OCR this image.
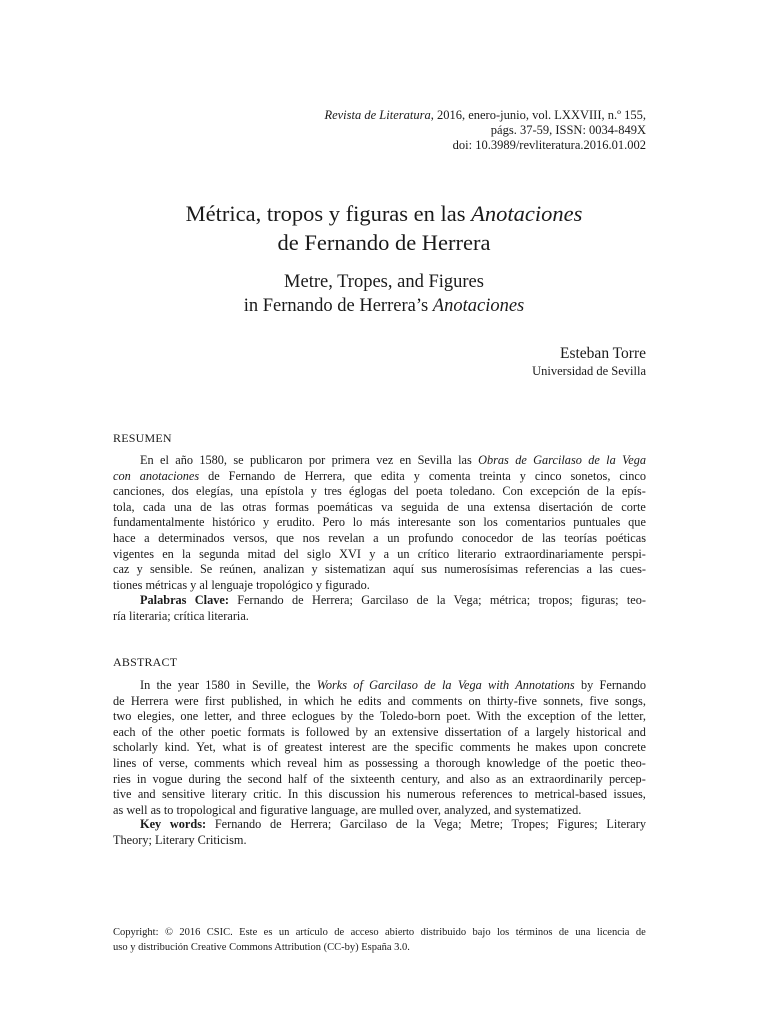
Revista de Literatura, 2016, enero-junio, vol. LXXVIII, n.º 155,
págs. 37-59, ISSN: 0034-849X
doi: 10.3989/revliteratura.2016.01.002
Métrica, tropos y figuras en las Anotaciones
de Fernando de Herrera
Metre, Tropes, and Figures
in Fernando de Herrera’s Anotaciones
Esteban Torre
Universidad de Sevilla
RESUMEN
En el año 1580, se publicaron por primera vez en Sevilla las Obras de Garcilaso de la Vega
con anotaciones de Fernando de Herrera, que edita y comenta treinta y cinco sonetos, cinco
canciones, dos elegías, una epístola y tres églogas del poeta toledano. Con excepción de la epís-
tola, cada una de las otras formas poemáticas va seguida de una extensa disertación de corte
fundamentalmente histórico y erudito. Pero lo más interesante son los comentarios puntuales que
hace a determinados versos, que nos revelan a un profundo conocedor de las teorías poéticas
vigentes en la segunda mitad del siglo XVI y a un crítico literario extraordinariamente perspi-
caz y sensible. Se reúnen, analizan y sistematizan aquí sus numerosísimas referencias a las cues-
tiones métricas y al lenguaje tropológico y figurado.
Palabras Clave: Fernando de Herrera; Garcilaso de la Vega; métrica; tropos; figuras; teo-
ría literaria; crítica literaria.
ABSTRACT
In the year 1580 in Seville, the Works of Garcilaso de la Vega with Annotations by Fernando
de Herrera were first published, in which he edits and comments on thirty-five sonnets, five songs,
two elegies, one letter, and three eclogues by the Toledo-born poet. With the exception of the letter,
each of the other poetic formats is followed by an extensive dissertation of a largely historical and
scholarly kind. Yet, what is of greatest interest are the specific comments he makes upon concrete
lines of verse, comments which reveal him as possessing a thorough knowledge of the poetic theo-
ries in vogue during the second half of the sixteenth century, and also as an extraordinarily percep-
tive and sensitive literary critic. In this discussion his numerous references to metrical-based issues,
as well as to tropological and figurative language, are mulled over, analyzed, and systematized.
Key words: Fernando de Herrera; Garcilaso de la Vega; Metre; Tropes; Figures; Literary
Theory; Literary Criticism.
Copyright: © 2016 CSIC. Este es un artículo de acceso abierto distribuido bajo los términos de una licencia de
uso y distribución Creative Commons Attribution (CC-by) España 3.0.
